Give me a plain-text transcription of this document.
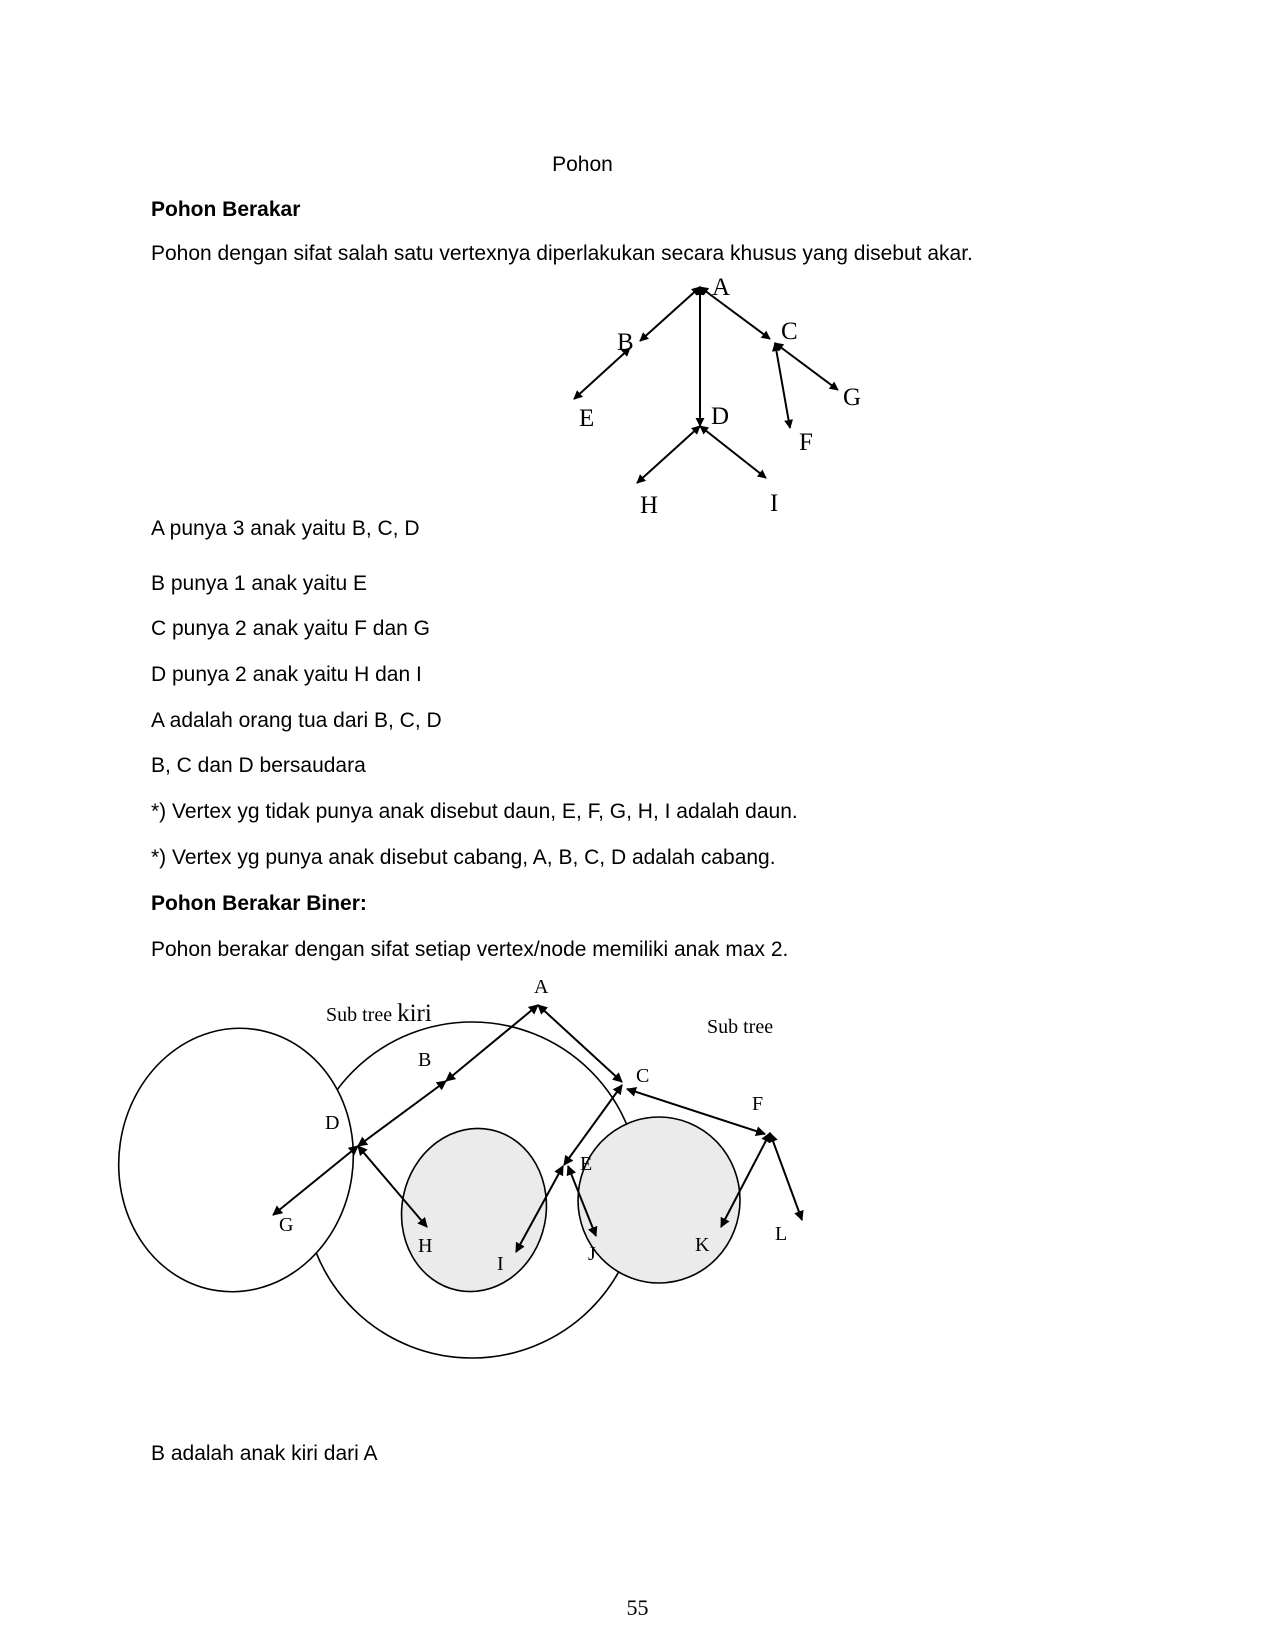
Pohon
Pohon Berakar
Pohon dengan sifat salah satu vertexnya diperlakukan secara khusus yang disebut akar.
A
B	C
D
E
F
G
H	I
A punya 3 anak yaitu B, C, D
B punya 1 anak yaitu E
C punya 2 anak yaitu F dan G
D punya 2 anak yaitu H dan I
A adalah orang tua dari B, C, D
B, C dan D bersaudara
*) Vertex yg tidak punya anak disebut daun, E, F, G, H, I adalah daun.
*) Vertex yg punya anak disebut cabang, A, B, C, D adalah cabang.
Pohon Berakar Biner:
Pohon berakar dengan sifat setiap vertex/node memiliki anak max 2.
Sub tree kiri	Sub tree
A
B
C
D
E
F
G
H
I	J	K	L
B adalah anak kiri dari A
55
